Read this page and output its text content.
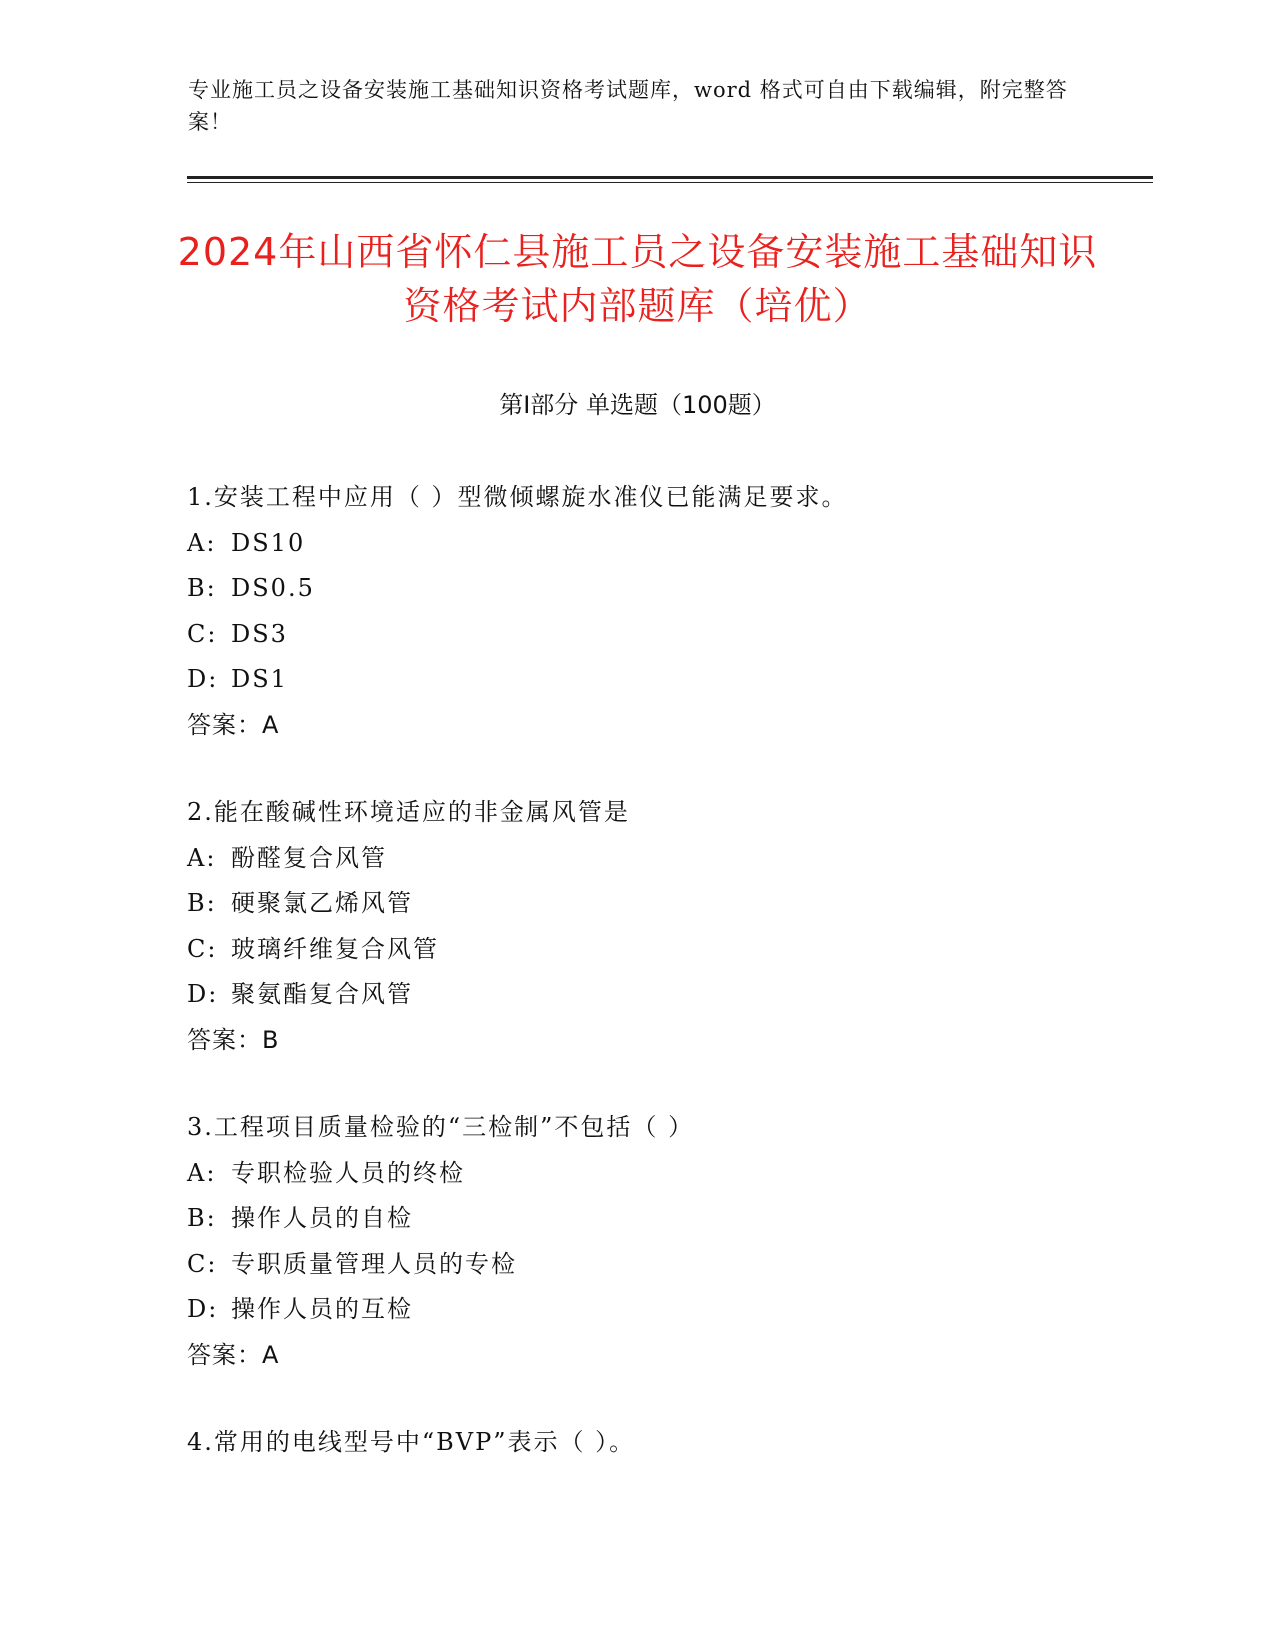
专业施工员之设备安装施工基础知识资格考试题库，word 格式可自由下载编辑，附完整答案！
2024年山西省怀仁县施工员之设备安装施工基础知识资格考试内部题库（培优）
第Ⅰ部分 单选题（100题）
1.安装工程中应用（ ）型微倾螺旋水准仪已能满足要求。
A: DS10
B: DS0.5
C: DS3
D: DS1
答案：A
2.能在酸碱性环境适应的非金属风管是
A: 酚醛复合风管
B: 硬聚氯乙烯风管
C: 玻璃纤维复合风管
D: 聚氨酯复合风管
答案：B
3.工程项目质量检验的“三检制”不包括（ ）
A: 专职检验人员的终检
B: 操作人员的自检
C: 专职质量管理人员的专检
D: 操作人员的互检
答案：A
4.常用的电线型号中“BVP”表示（ ）。
